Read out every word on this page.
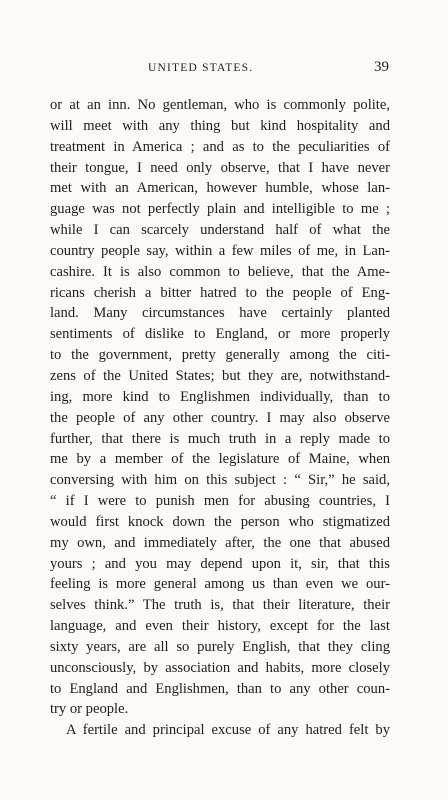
UNITED STATES.	39
or at an inn. No gentleman, who is commonly polite,
will meet with any thing but kind hospitality and
treatment in America ; and as to the peculiarities of
their tongue, I need only observe, that I have never
met with an American, however humble, whose lan-
guage was not perfectly plain and intelligible to me ;
while I can scarcely understand half of what the
country people say, within a few miles of me, in Lan-
cashire. It is also common to believe, that the Ame-
ricans cherish a bitter hatred to the people of Eng-
land. Many circumstances have certainly planted
sentiments of dislike to England, or more properly
to the government, pretty generally among the citi-
zens of the United States; but they are, notwithstand-
ing, more kind to Englishmen individually, than to
the people of any other country. I may also observe
further, that there is much truth in a reply made to
me by a member of the legislature of Maine, when
conversing with him on this subject : “ Sir,” he said,
“ if I were to punish men for abusing countries, I
would first knock down the person who stigmatized
my own, and immediately after, the one that abused
yours ; and you may depend upon it, sir, that this
feeling is more general among us than even we our-
selves think.” The truth is, that their literature, their
language, and even their history, except for the last
sixty years, are all so purely English, that they cling
unconsciously, by association and habits, more closely
to England and Englishmen, than to any other coun-
try or people.
A fertile and principal excuse of any hatred felt by
